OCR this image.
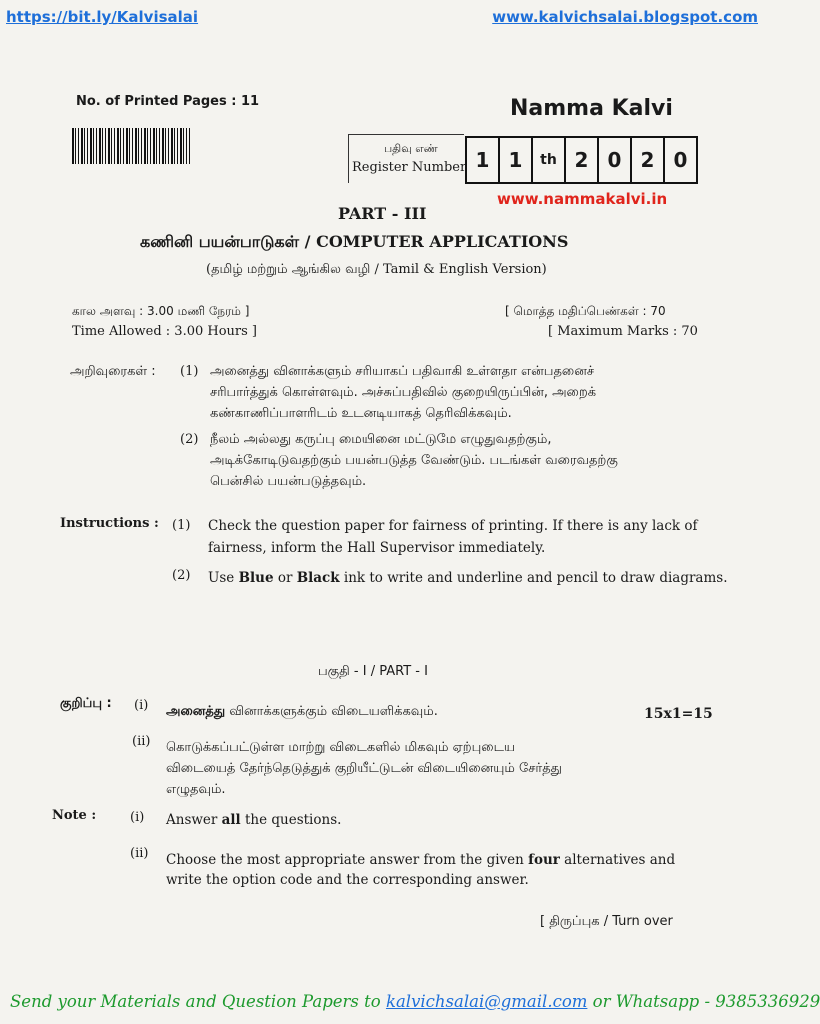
https://bit.ly/Kalvisalai	www.kalvichsalai.blogspot.com
No. of Printed Pages : 11	Namma Kalvi
பதிவு எண்
Register Number 1 1	th 2 0 2 0
www.nammakalvi.in
PART - III
கணினி பயன்பாடுகள் / COMPUTER APPLICATIONS
(தமிழ் மற்றும் ஆங்கில வழி / Tamil & English Version)
கால அளவு : 3.00 மணி நேரம் ]
Time Allowed : 3.00 Hours ]
[ மொத்த மதிப்பெண்கள் : 70
[ Maximum Marks : 70
அறிவுரைகள் : (1) அனைத்து வினாக்களும் சரியாகப் பதிவாகி உள்ளதா என்பதனைச்
சரிபார்த்துக் கொள்ளவும். அச்சுப்பதிவில் குறையிருப்பின், அறைக்
கண்காணிப்பாளரிடம் உடனடியாகத் தெரிவிக்கவும்.
(2) நீலம் அல்லது கருப்பு மையினை மட்டுமே எழுதுவதற்கும்,
அடிக்கோடிடுவதற்கும் பயன்படுத்த வேண்டும். படங்கள் வரைவதற்கு
பென்சில் பயன்படுத்தவும்.
Instructions : (1) Check the question paper for fairness of printing. If there is any lack of
fairness, inform the Hall Supervisor immediately.
(2) Use Blue or Black ink to write and underline and pencil to draw diagrams.
பகுதி - I / PART - I
குறிப்பு : (i) அனைத்து வினாக்களுக்கும் விடையளிக்கவும்.	15x1=15
(ii) கொடுக்கப்பட்டுள்ள மாற்று விடைகளில் மிகவும் ஏற்புடைய
விடையைத் தேர்ந்தெடுத்துக் குறியீட்டுடன் விடையினையும் சேர்த்து
எழுதவும்.
Note :	(i) Answer all the questions.
(ii) Choose the most appropriate answer from the given four alternatives and
write the option code and the corresponding answer.
[ திருப்புக / Turn over
Send your Materials and Question Papers to kalvichsalai@gmail.com or Whatsapp - 9385336929
